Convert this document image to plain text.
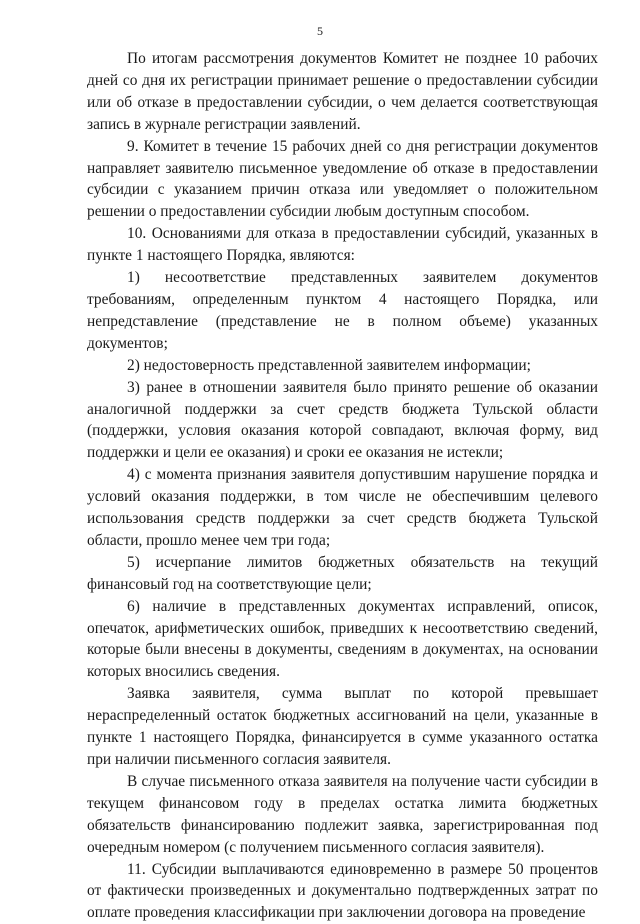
5

По итогам рассмотрения документов Комитет не позднее 10 рабочих дней со дня их регистрации принимает решение о предоставлении субсидии или об отказе в предоставлении субсидии, о чем делается соответствующая запись в журнале регистрации заявлений.

9. Комитет в течение 15 рабочих дней со дня регистрации документов направляет заявителю письменное уведомление об отказе в предоставлении субсидии с указанием причин отказа или уведомляет о положительном решении о предоставлении субсидии любым доступным способом.

10. Основаниями для отказа в предоставлении субсидий, указанных в пункте 1 настоящего Порядка, являются:

1) несоответствие представленных заявителем документов требованиям, определенным пунктом 4 настоящего Порядка, или непредставление (представление не в полном объеме) указанных документов;

2) недостоверность представленной заявителем информации;

3) ранее в отношении заявителя было принято решение об оказании аналогичной поддержки за счет средств бюджета Тульской области (поддержки, условия оказания которой совпадают, включая форму, вид поддержки и цели ее оказания) и сроки ее оказания не истекли;

4) с момента признания заявителя допустившим нарушение порядка и условий оказания поддержки, в том числе не обеспечившим целевого использования средств поддержки за счет средств бюджета Тульской области, прошло менее чем три года;

5) исчерпание лимитов бюджетных обязательств на текущий финансовый год на соответствующие цели;

6) наличие в представленных документах исправлений, описок, опечаток, арифметических ошибок, приведших к несоответствию сведений, которые были внесены в документы, сведениям в документах, на основании которых вносились сведения.

Заявка заявителя, сумма выплат по которой превышает нераспределенный остаток бюджетных ассигнований на цели, указанные в пункте 1 настоящего Порядка, финансируется в сумме указанного остатка при наличии письменного согласия заявителя.

В случае письменного отказа заявителя на получение части субсидии в текущем финансовом году в пределах остатка лимита бюджетных обязательств финансированию подлежит заявка, зарегистрированная под очередным номером (с получением письменного согласия заявителя).

11. Субсидии выплачиваются единовременно в размере 50 процентов от фактически произведенных и документально подтвержденных затрат по оплате проведения классификации при заключении договора на проведение
